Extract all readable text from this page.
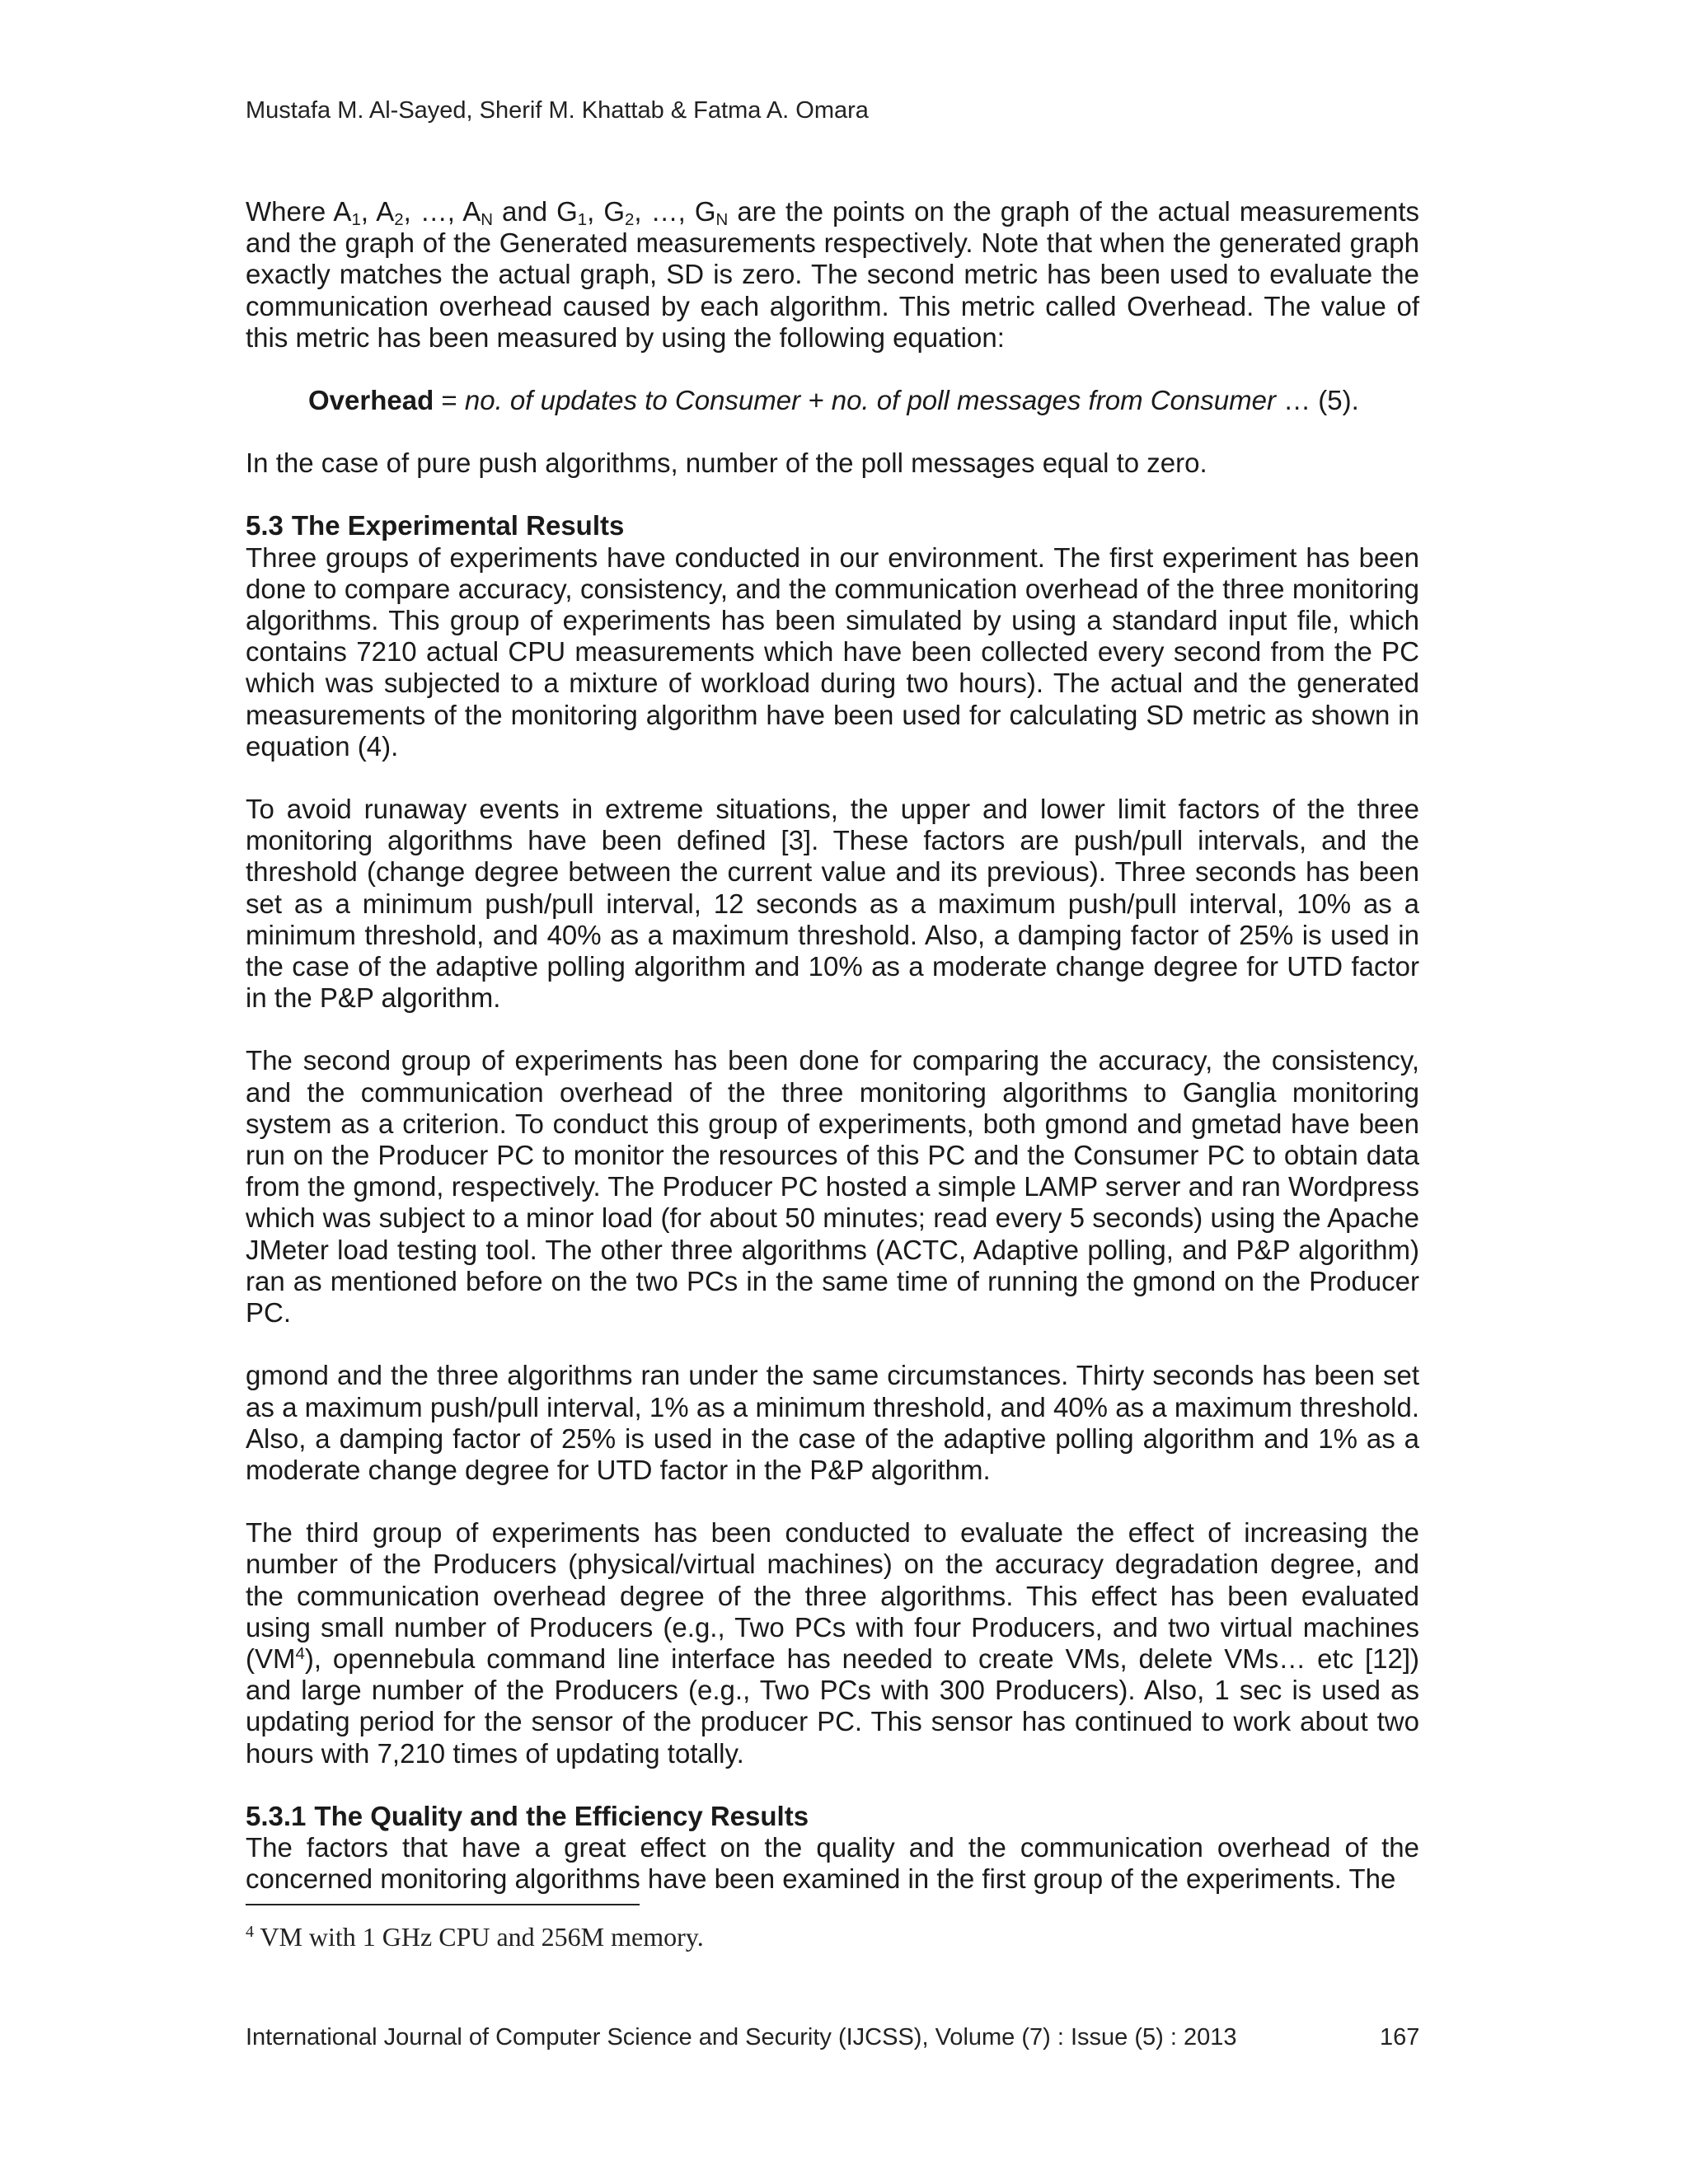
Mustafa M. Al-Sayed, Sherif M. Khattab & Fatma A. Omara

Where $A_1$, $A_2$, …, $A_N$ and $G_1$, $G_2$, …, $G_N$ are the points on the graph of the actual measurements and the graph of the Generated measurements respectively. Note that when the generated graph exactly matches the actual graph, SD is zero. The second metric has been used to evaluate the communication overhead caused by each algorithm. This metric called Overhead. The value of this metric has been measured by using the following equation:

Overhead = no. of updates to Consumer + no. of poll messages from Consumer … (5).

In the case of pure push algorithms, number of the poll messages equal to zero.

5.3 The Experimental Results

Three groups of experiments have conducted in our environment. The first experiment has been done to compare accuracy, consistency, and the communication overhead of the three monitoring algorithms. This group of experiments has been simulated by using a standard input file, which contains 7210 actual CPU measurements which have been collected every second from the PC which was subjected to a mixture of workload during two hours). The actual and the generated measurements of the monitoring algorithm have been used for calculating SD metric as shown in equation (4).

To avoid runaway events in extreme situations, the upper and lower limit factors of the three monitoring algorithms have been defined [3]. These factors are push/pull intervals, and the threshold (change degree between the current value and its previous). Three seconds has been set as a minimum push/pull interval, 12 seconds as a maximum push/pull interval, 10% as a minimum threshold, and 40% as a maximum threshold. Also, a damping factor of 25% is used in the case of the adaptive polling algorithm and 10% as a moderate change degree for UTD factor in the P&P algorithm.

The second group of experiments has been done for comparing the accuracy, the consistency, and the communication overhead of the three monitoring algorithms to Ganglia monitoring system as a criterion. To conduct this group of experiments, both gmond and gmetad have been run on the Producer PC to monitor the resources of this PC and the Consumer PC to obtain data from the gmond, respectively. The Producer PC hosted a simple LAMP server and ran Wordpress which was subject to a minor load (for about 50 minutes; read every 5 seconds) using the Apache JMeter load testing tool. The other three algorithms (ACTC, Adaptive polling, and P&P algorithm) ran as mentioned before on the two PCs in the same time of running the gmond on the Producer PC.

gmond and the three algorithms ran under the same circumstances. Thirty seconds has been set as a maximum push/pull interval, 1% as a minimum threshold, and 40% as a maximum threshold. Also, a damping factor of 25% is used in the case of the adaptive polling algorithm and 1% as a moderate change degree for UTD factor in the P&P algorithm.

The third group of experiments has been conducted to evaluate the effect of increasing the number of the Producers (physical/virtual machines) on the accuracy degradation degree, and the communication overhead degree of the three algorithms. This effect has been evaluated using small number of Producers (e.g., Two PCs with four Producers, and two virtual machines $(VM^4)$, opennebula command line interface has needed to create VMs, delete VMs… etc [12]) and large number of the Producers (e.g., Two PCs with 300 Producers). Also, 1 sec is used as updating period for the sensor of the producer PC. This sensor has continued to work about two hours with 7,210 times of updating totally.

5.3.1 The Quality and the Efficiency Results

The factors that have a great effect on the quality and the communication overhead of the concerned monitoring algorithms have been examined in the first group of the experiments. The

$^4$ VM with 1 GHz CPU and 256M memory.
International Journal of Computer Science and Security (IJCSS), Volume (7) : Issue (5) : 2013	167
